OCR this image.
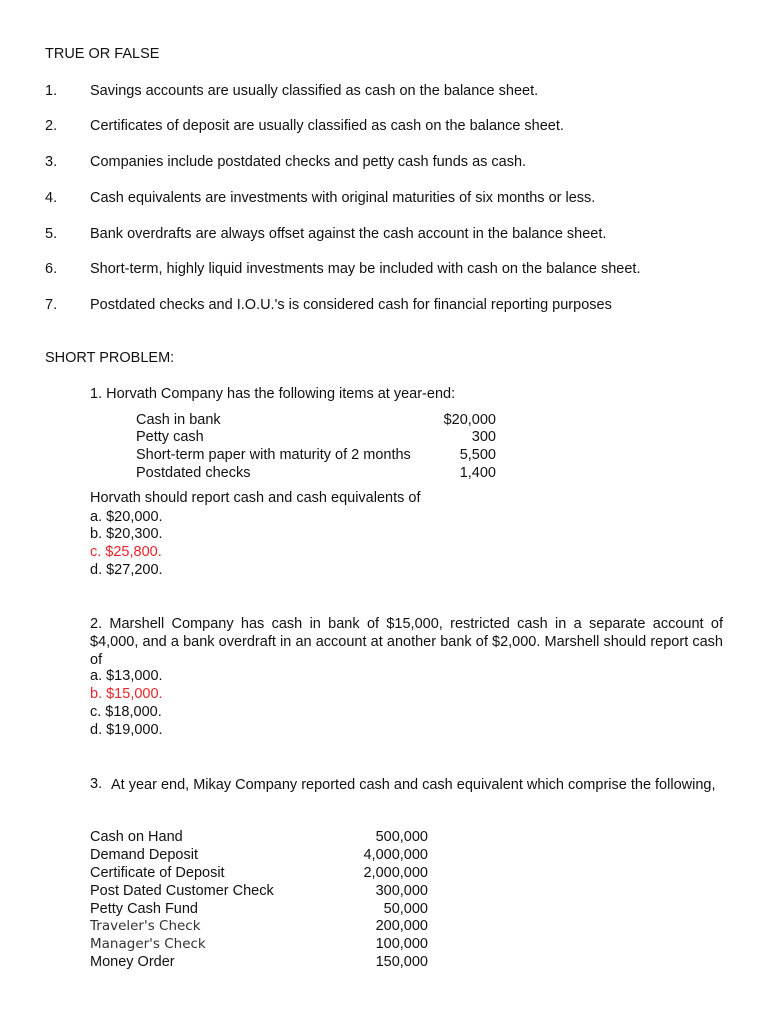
TRUE OR FALSE
1. Savings accounts are usually classified as cash on the balance sheet.
2. Certificates of deposit are usually classified as cash on the balance sheet.
3. Companies include postdated checks and petty cash funds as cash.
4. Cash equivalents are investments with original maturities of six months or less.
5. Bank overdrafts are always offset against the cash account in the balance sheet.
6. Short-term, highly liquid investments may be included with cash on the balance sheet.
7. Postdated checks and I.O.U.'s is considered cash for financial reporting purposes
SHORT PROBLEM:
1. Horvath Company has the following items at year-end:
Cash in bank	$20,000
Petty cash	300
Short-term paper with maturity of 2 months	5,500
Postdated checks	1,400
Horvath should report cash and cash equivalents of
a. $20,000.
b. $20,300.
c. $25,800.
d. $27,200.
2. Marshell Company has cash in bank of $15,000, restricted cash in a separate account of $4,000, and a bank overdraft in an account at another bank of $2,000. Marshell should report cash of
a. $13,000.
b. $15,000.
c. $18,000.
d. $19,000.
3. At year end, Mikay Company reported cash and cash equivalent which comprise the following,
Cash on Hand	500,000
Demand Deposit	4,000,000
Certificate of Deposit	2,000,000
Post Dated Customer Check	300,000
Petty Cash Fund	50,000
Traveler's Check	200,000
Manager's Check	100,000
Money Order	150,000
